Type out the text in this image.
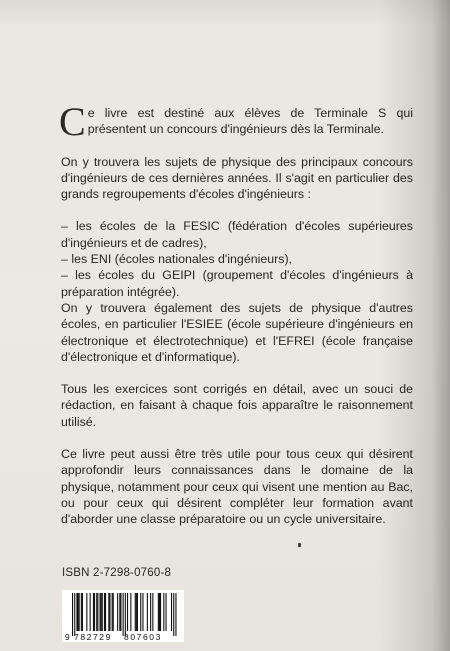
Ce livre est destiné aux élèves de Terminale S qui présentent un concours d'ingénieurs dès la Terminale.

On y trouvera les sujets de physique des principaux concours d'ingénieurs de ces dernières années. Il s'agit en particulier des grands regroupements d'écoles d'ingénieurs :

– les écoles de la FESIC (fédération d'écoles supérieures d'ingénieurs et de cadres),

– les ENI (écoles nationales d'ingénieurs),

– les écoles du GEIPI (groupement d'écoles d'ingénieurs à préparation intégrée).

On y trouvera également des sujets de physique d'autres écoles, en particulier l'ESIEE (école supérieure d'ingénieurs en électronique et électrotechnique) et l'EFREI (école française d'électronique et d'informatique).

Tous les exercices sont corrigés en détail, avec un souci de rédaction, en faisant à chaque fois apparaître le raisonnement utilisé.

Ce livre peut aussi être très utile pour tous ceux qui désirent approfondir leurs connaissances dans le domaine de la physique, notamment pour ceux qui visent une mention au Bac, ou pour ceux qui désirent compléter leur formation avant d'aborder une classe préparatoire ou un cycle universitaire.

ISBN 2-7298-0760-8
9 782729 807603
